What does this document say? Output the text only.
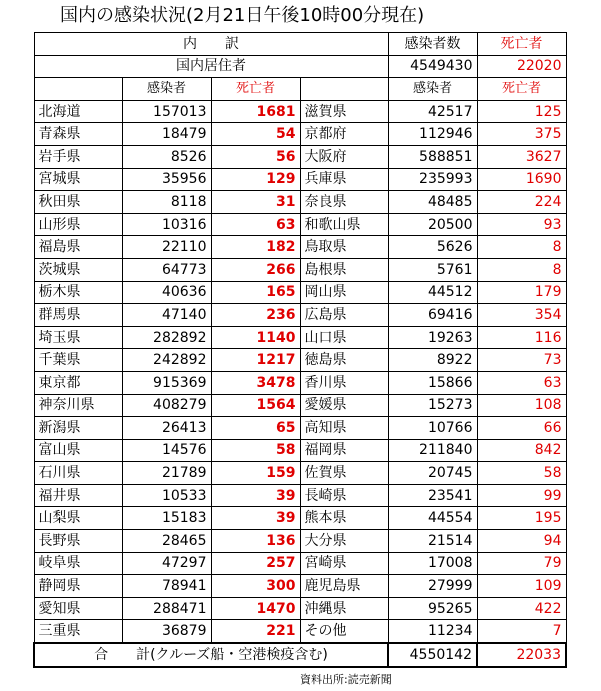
国内の感染状況(2月21日午後10時00分現在)
内　　訳				感染者数	死亡者
国内居住者				4549430	22020
	感染者	死亡者		感染者	死亡者
北海道	157013	1681	滋賀県	42517	125
青森県	18479	54	京都府	112946	375
岩手県	8526	56	大阪府	588851	3627
宮城県	35956	129	兵庫県	235993	1690
秋田県	8118	31	奈良県	48485	224
山形県	10316	63	和歌山県	20500	93
福島県	22110	182	鳥取県	5626	8
茨城県	64773	266	島根県	5761	8
栃木県	40636	165	岡山県	44512	179
群馬県	47140	236	広島県	69416	354
埼玉県	282892	1140	山口県	19263	116
千葉県	242892	1217	徳島県	8922	73
東京都	915369	3478	香川県	15866	63
神奈川県	408279	1564	愛媛県	15273	108
新潟県	26413	65	高知県	10766	66
富山県	14576	58	福岡県	211840	842
石川県	21789	159	佐賀県	20745	58
福井県	10533	39	長崎県	23541	99
山梨県	15183	39	熊本県	44554	195
長野県	28465	136	大分県	21514	94
岐阜県	47297	257	宮崎県	17008	79
静岡県	78941	300	鹿児島県	27999	109
愛知県	288471	1470	沖縄県	95265	422
三重県	36879	221	その他	11234	7
合　　計(クルーズ船・空港検疫含む)				4550142	22033
資料出所:読売新聞
